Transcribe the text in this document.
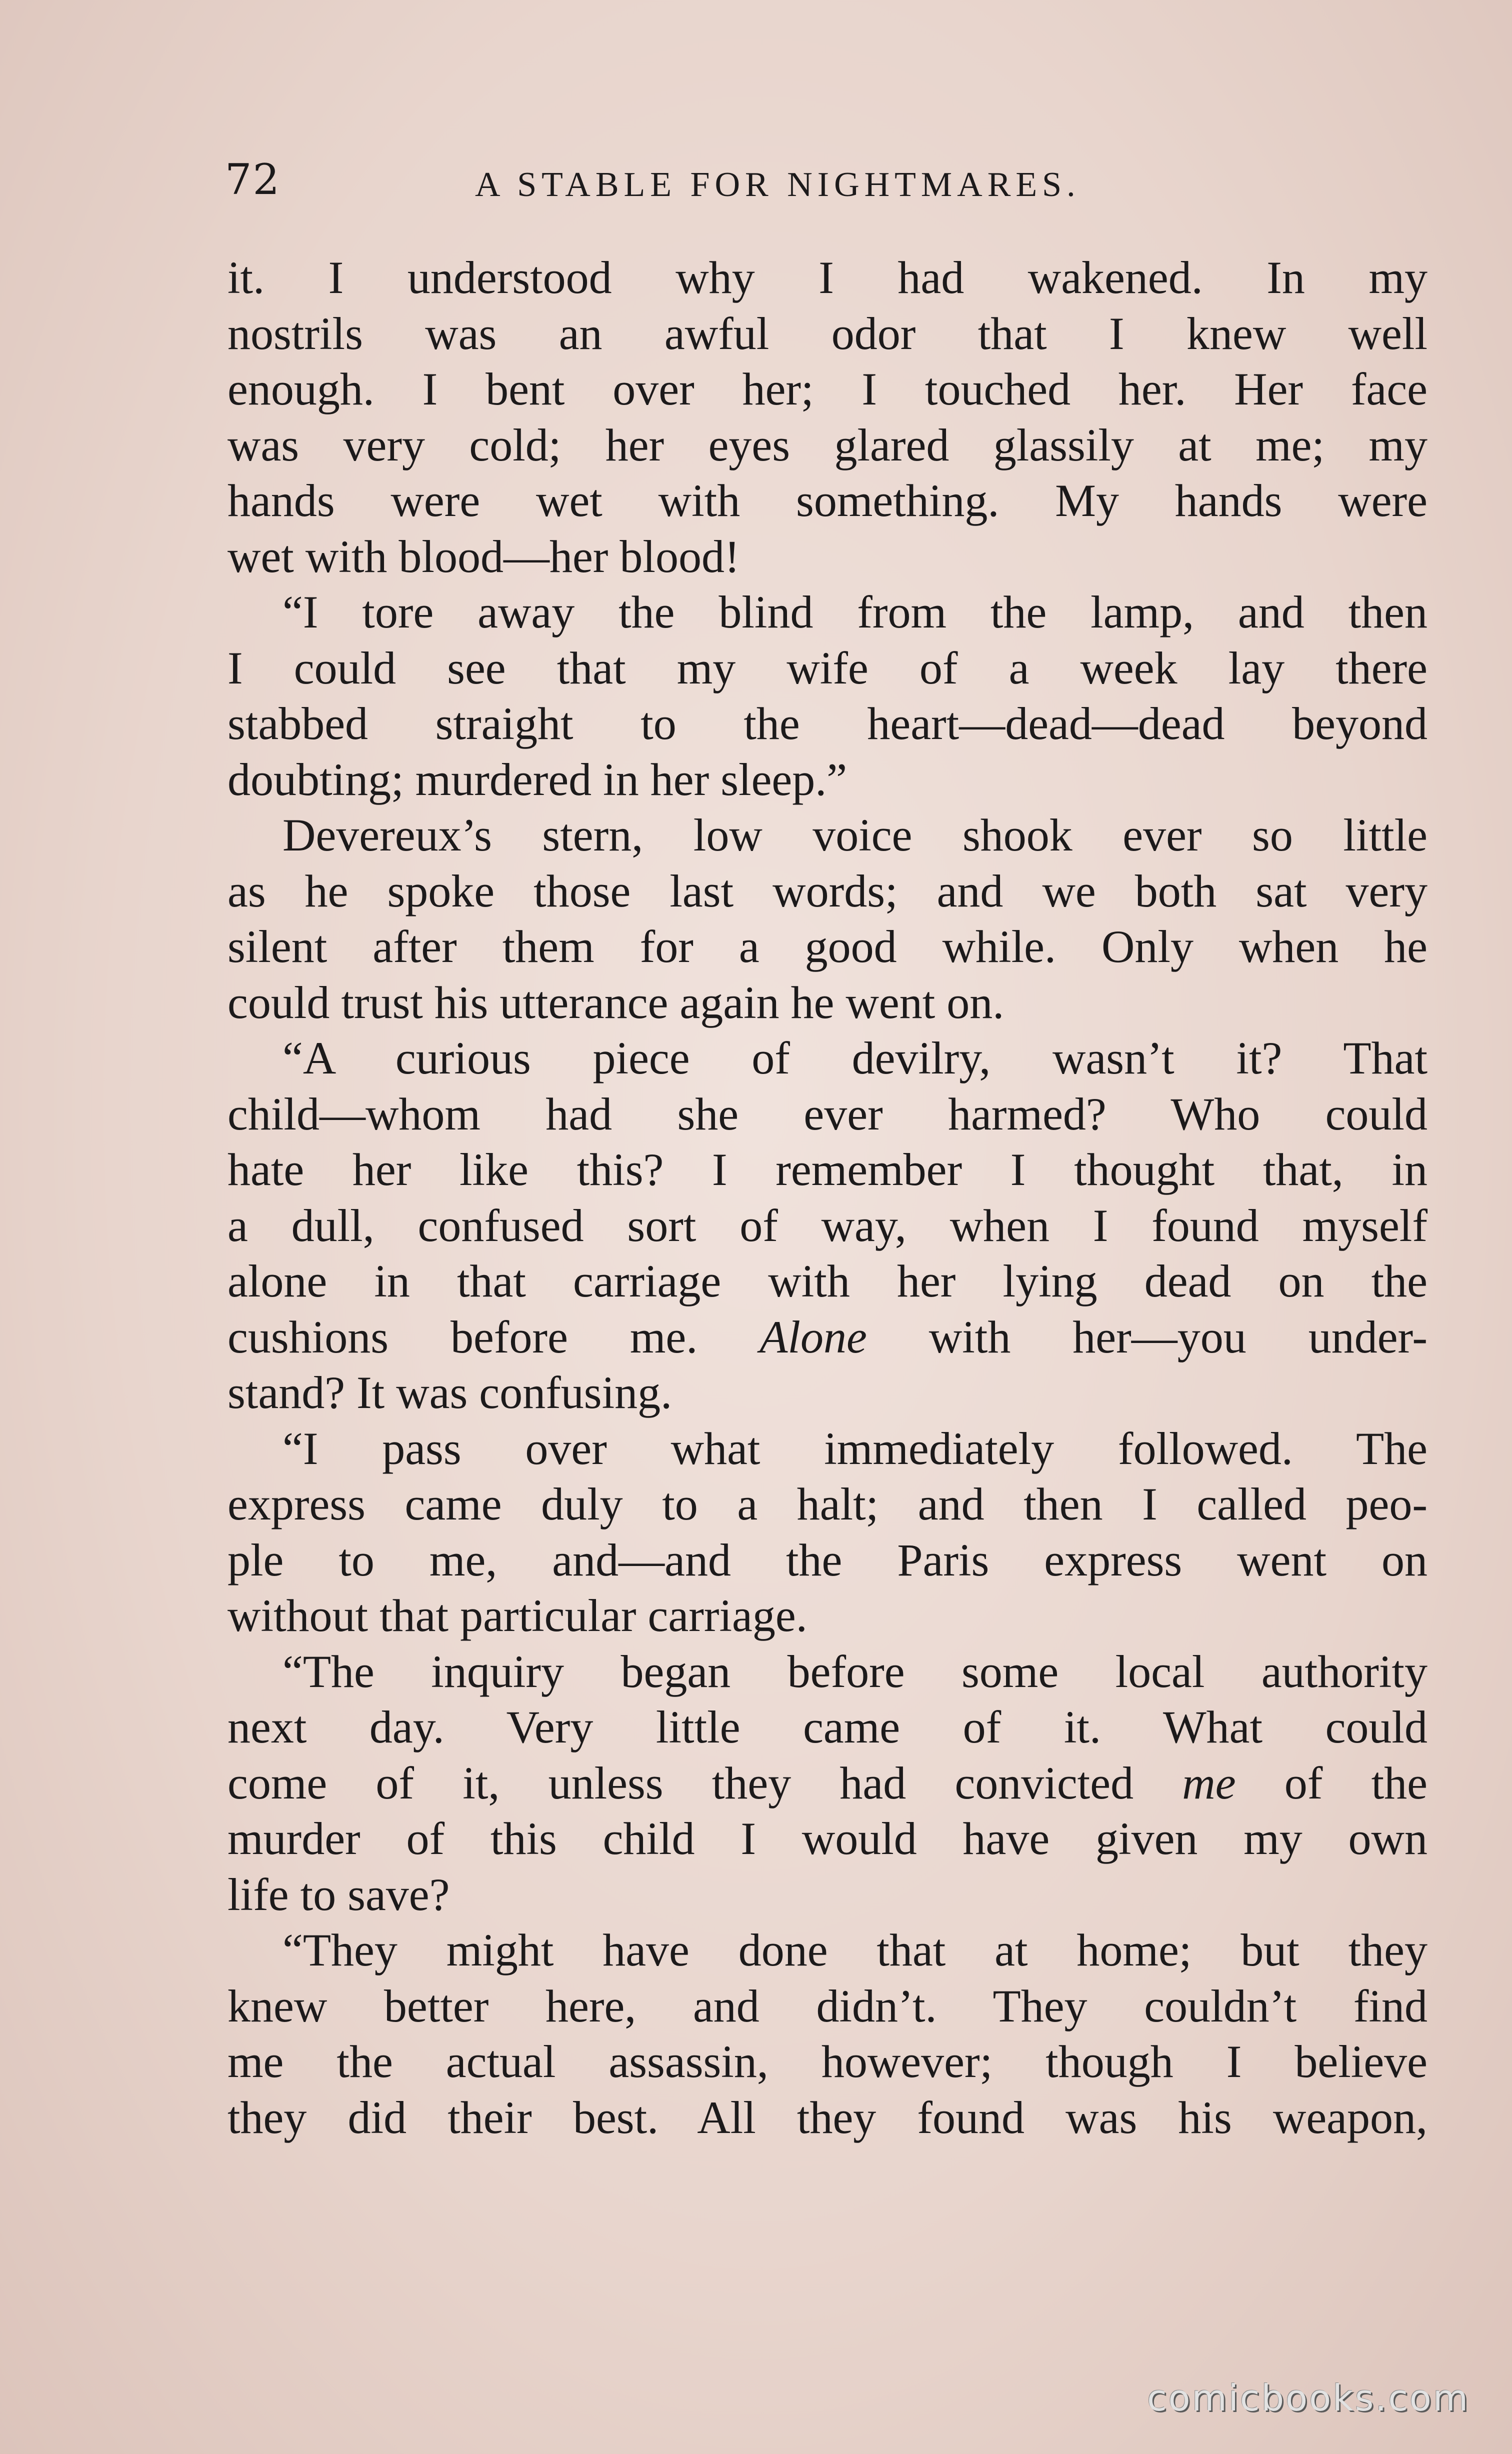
72	A STABLE FOR NIGHTMARES.
it. I understood why I had wakened. In my
nostrils was an awful odor that I knew well
enough. I bent over her; I touched her. Her face
was very cold; her eyes glared glassily at me; my
hands were wet with something. My hands were
wet with blood—her blood!
“I tore away the blind from the lamp, and then
I could see that my wife of a week lay there
stabbed straight to the heart—dead—dead beyond
doubting; murdered in her sleep.”
Devereux’s stern, low voice shook ever so little
as he spoke those last words; and we both sat very
silent after them for a good while. Only when he
could trust his utterance again he went on.
“A curious piece of devilry, wasn’t it? That
child—whom had she ever harmed? Who could
hate her like this? I remember I thought that, in
a dull, confused sort of way, when I found myself
alone in that carriage with her lying dead on the
cushions before me. Alone with her—you under-
stand? It was confusing.
“I pass over what immediately followed. The
express came duly to a halt; and then I called peo-
ple to me, and—and the Paris express went on
without that particular carriage.
“The inquiry began before some local authority
next day. Very little came of it. What could
come of it, unless they had convicted me of the
murder of this child I would have given my own
life to save?
“They might have done that at home; but they
knew better here, and didn’t. They couldn’t find
me the actual assassin, however; though I believe
they did their best. All they found was his weapon,
comicbooks.com
